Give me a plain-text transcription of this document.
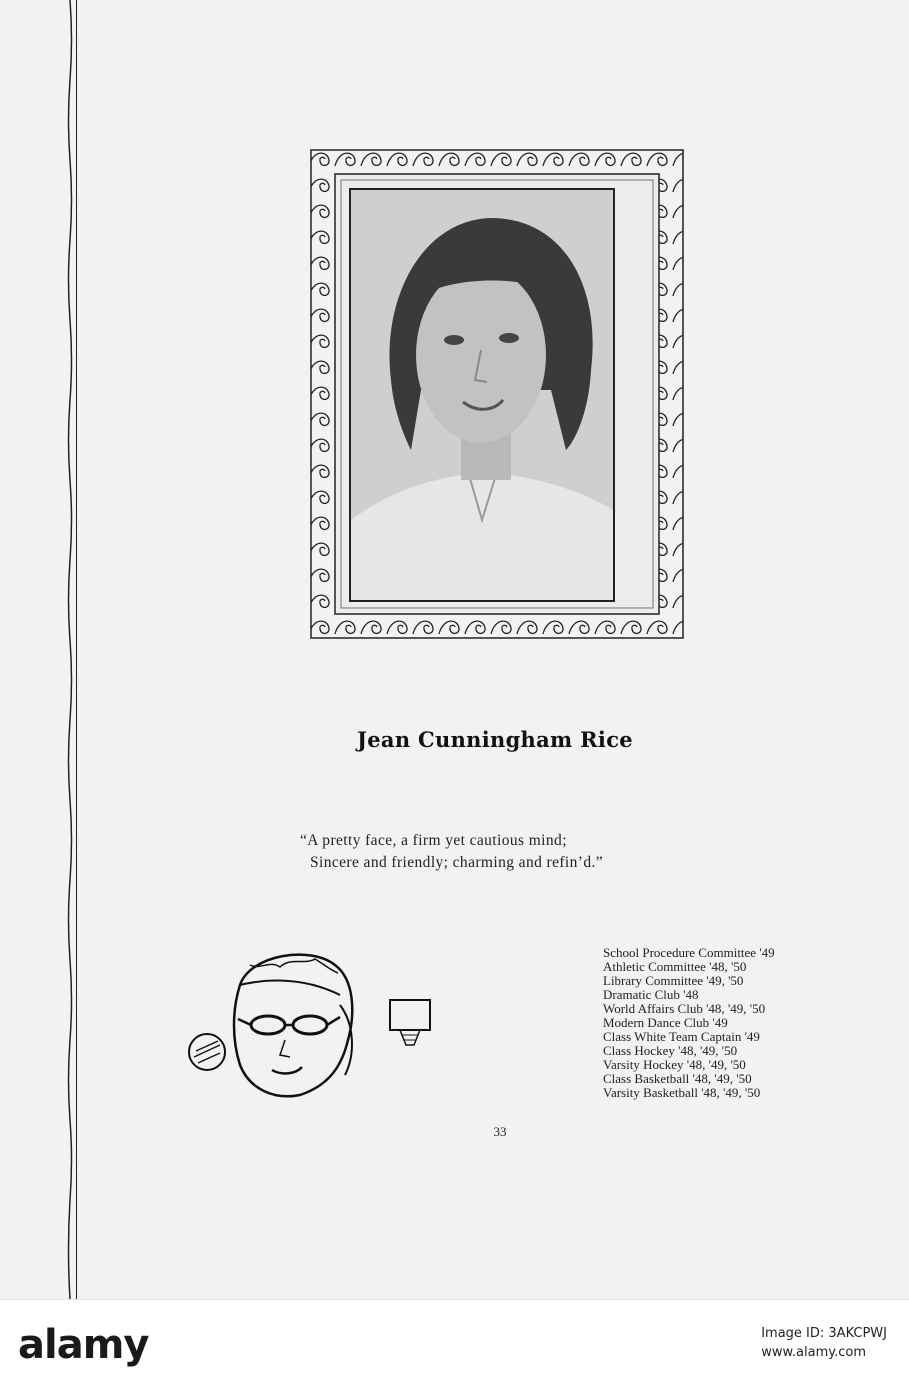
Jean Cunningham Rice
“A pretty face, a firm yet cautious mind;
Sincere and friendly; charming and refin’d.”
School Procedure Committee '49
Athletic Committee '48, '50
Library Committee '49, '50
Dramatic Club '48
World Affairs Club '48, '49, '50
Modern Dance Club '49
Class White Team Captain '49
Class Hockey '48, '49, '50
Varsity Hockey '48, '49, '50
Class Basketball '48, '49, '50
Varsity Basketball '48, '49, '50
33
alamy	Image ID: 3AKCPWJ
www.alamy.com
